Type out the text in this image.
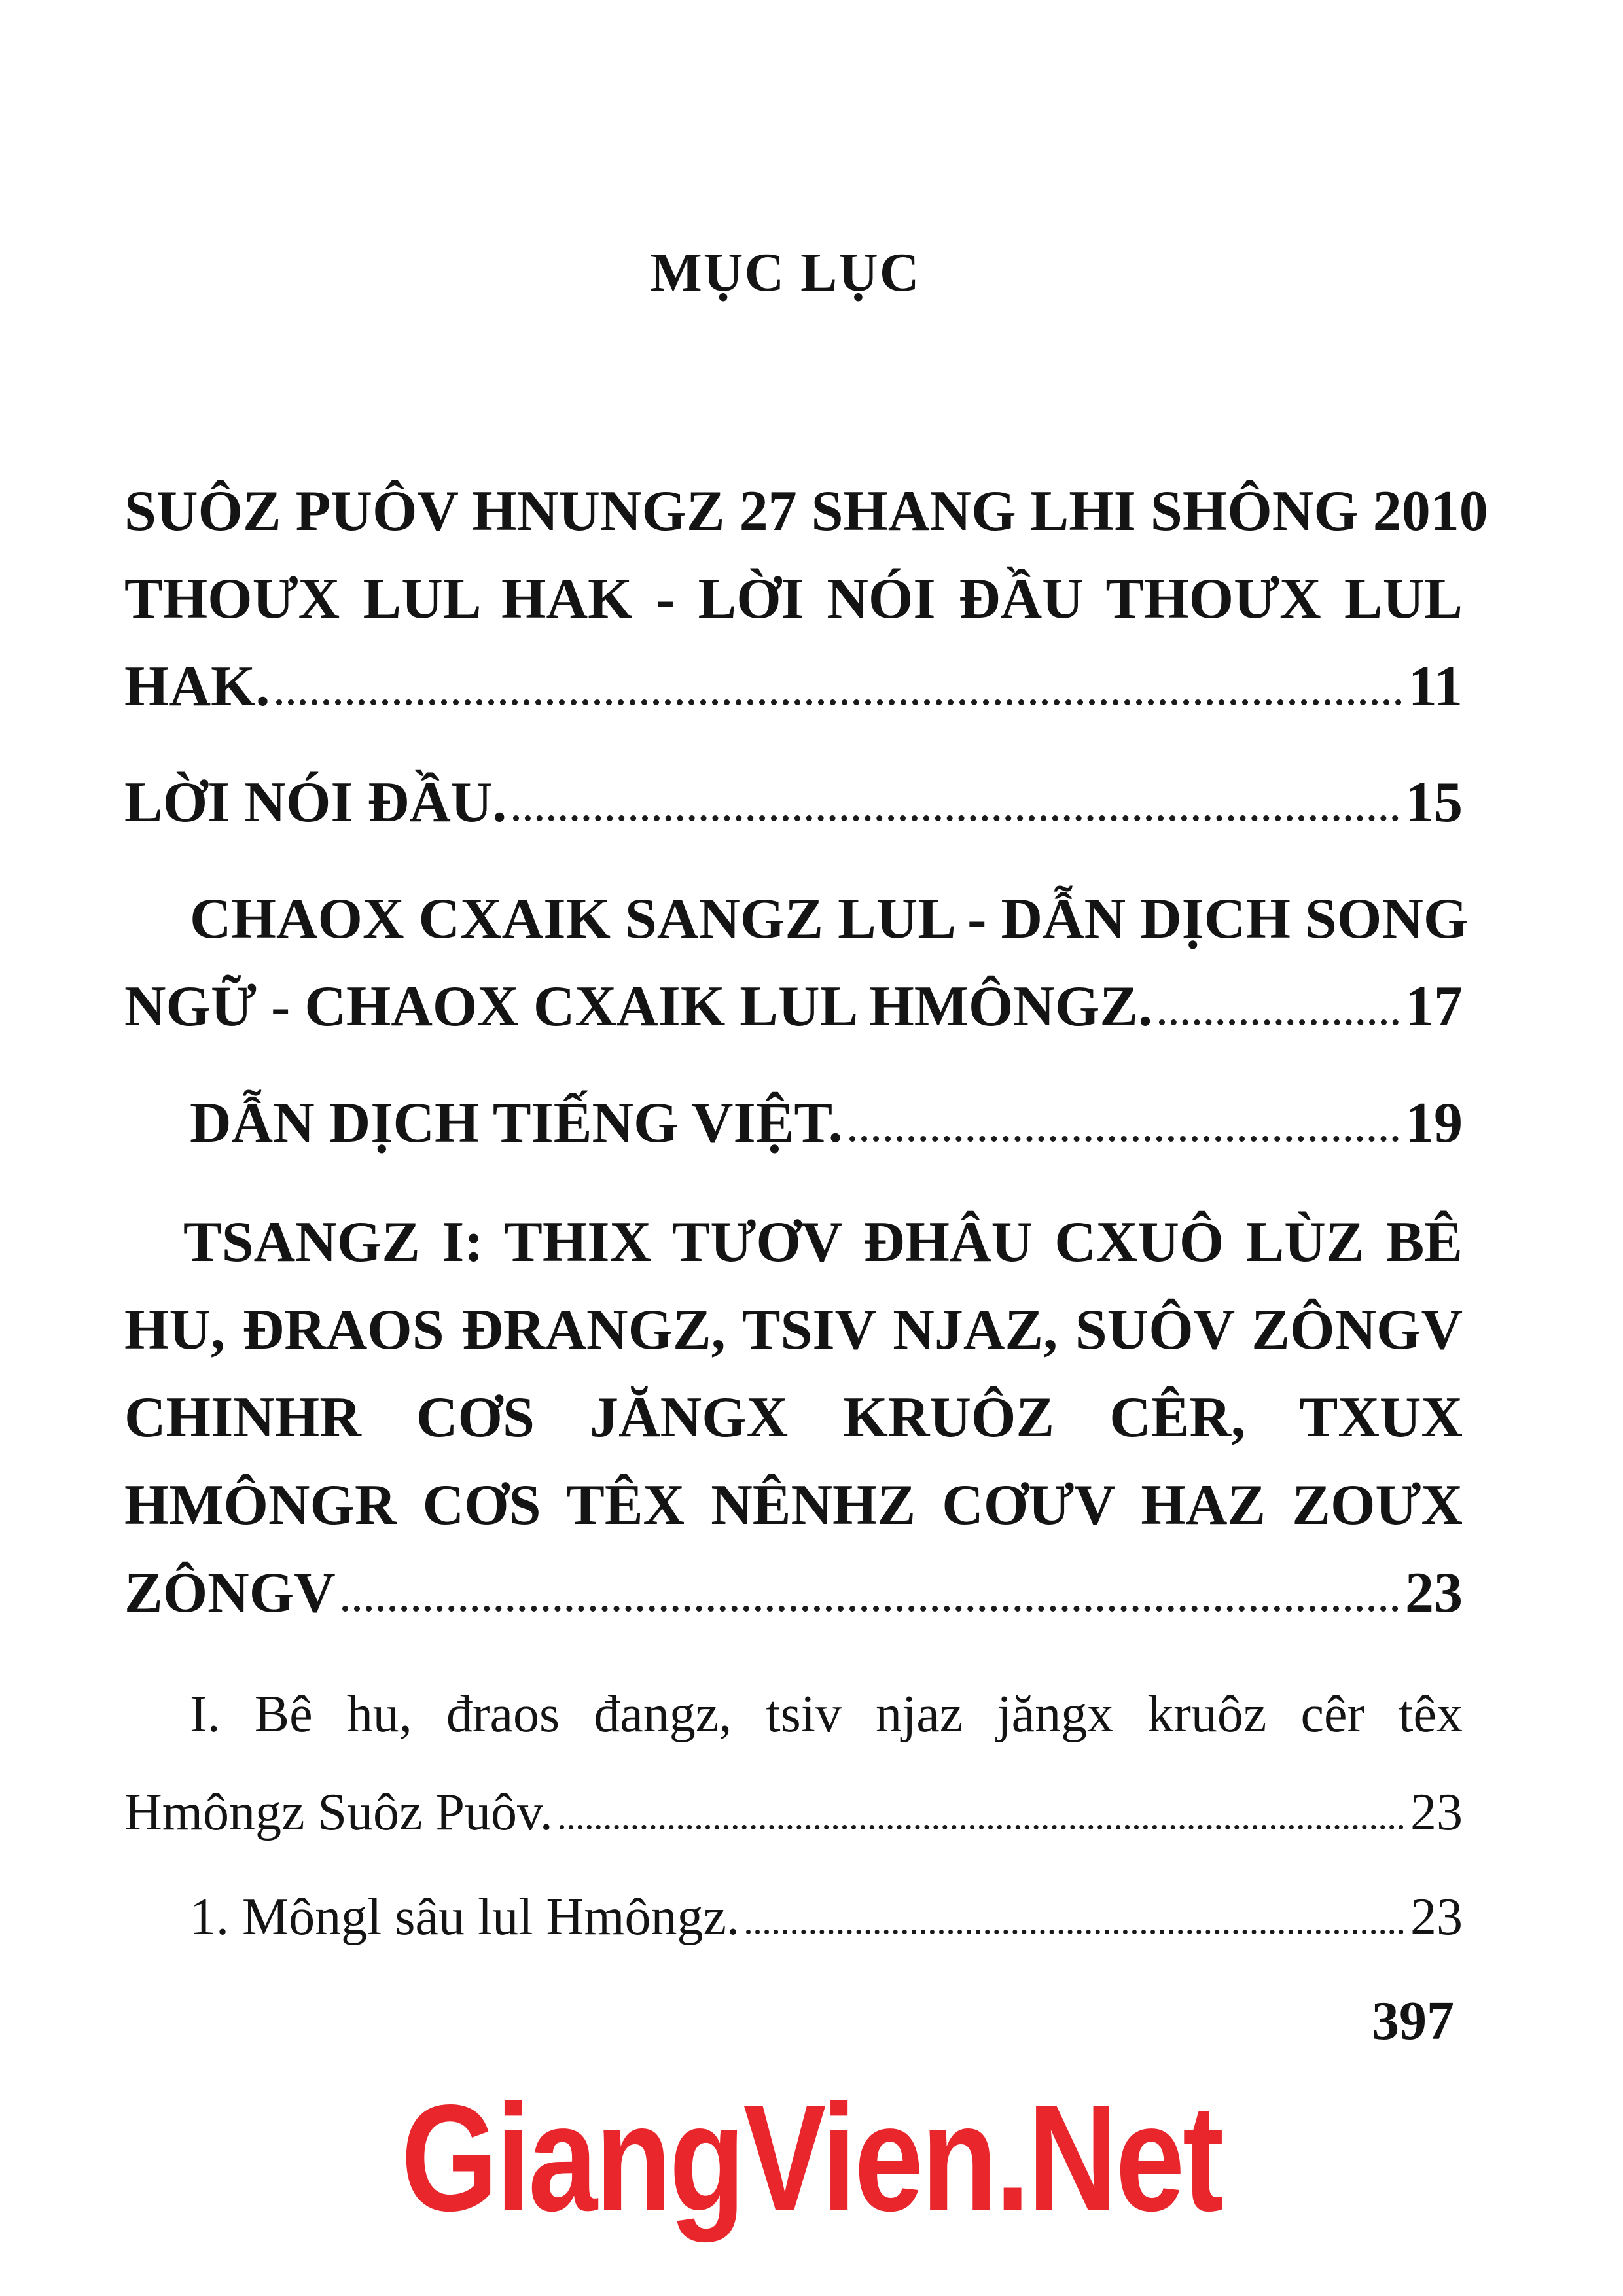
MỤC LỤC
SUÔZ PUÔV HNUNGZ 27 SHANG LHI SHÔNG 2010
THOƯX LUL HAK - LỜI NÓI ĐẦU THOƯX LUL
HAK.	11
LỜI NÓI ĐẦU.	15
CHAOX CXAIK SANGZ LUL - DẪN DỊCH SONG
NGỮ - CHAOX CXAIK LUL HMÔNGZ.	17
DẪN DỊCH TIẾNG VIỆT.	19
TSANGZ I: THIX TƯƠV ĐHÂU CXUÔ LÙZ BÊ
HU, ĐRAOS ĐRANGZ, TSIV NJAZ, SUÔV ZÔNGV
CHINHR CƠS JĂNGX KRUÔZ CÊR, TXUX
HMÔNGR CƠS TÊX NÊNHZ CƠƯV HAZ ZOƯX
ZÔNGV	23
I. Bê hu, đraos đangz, tsiv njaz jăngx kruôz cêr têx
Hmôngz Suôz Puôv.	23
1. Môngl sâu lul Hmôngz.	23
397
GiangVien.Net
